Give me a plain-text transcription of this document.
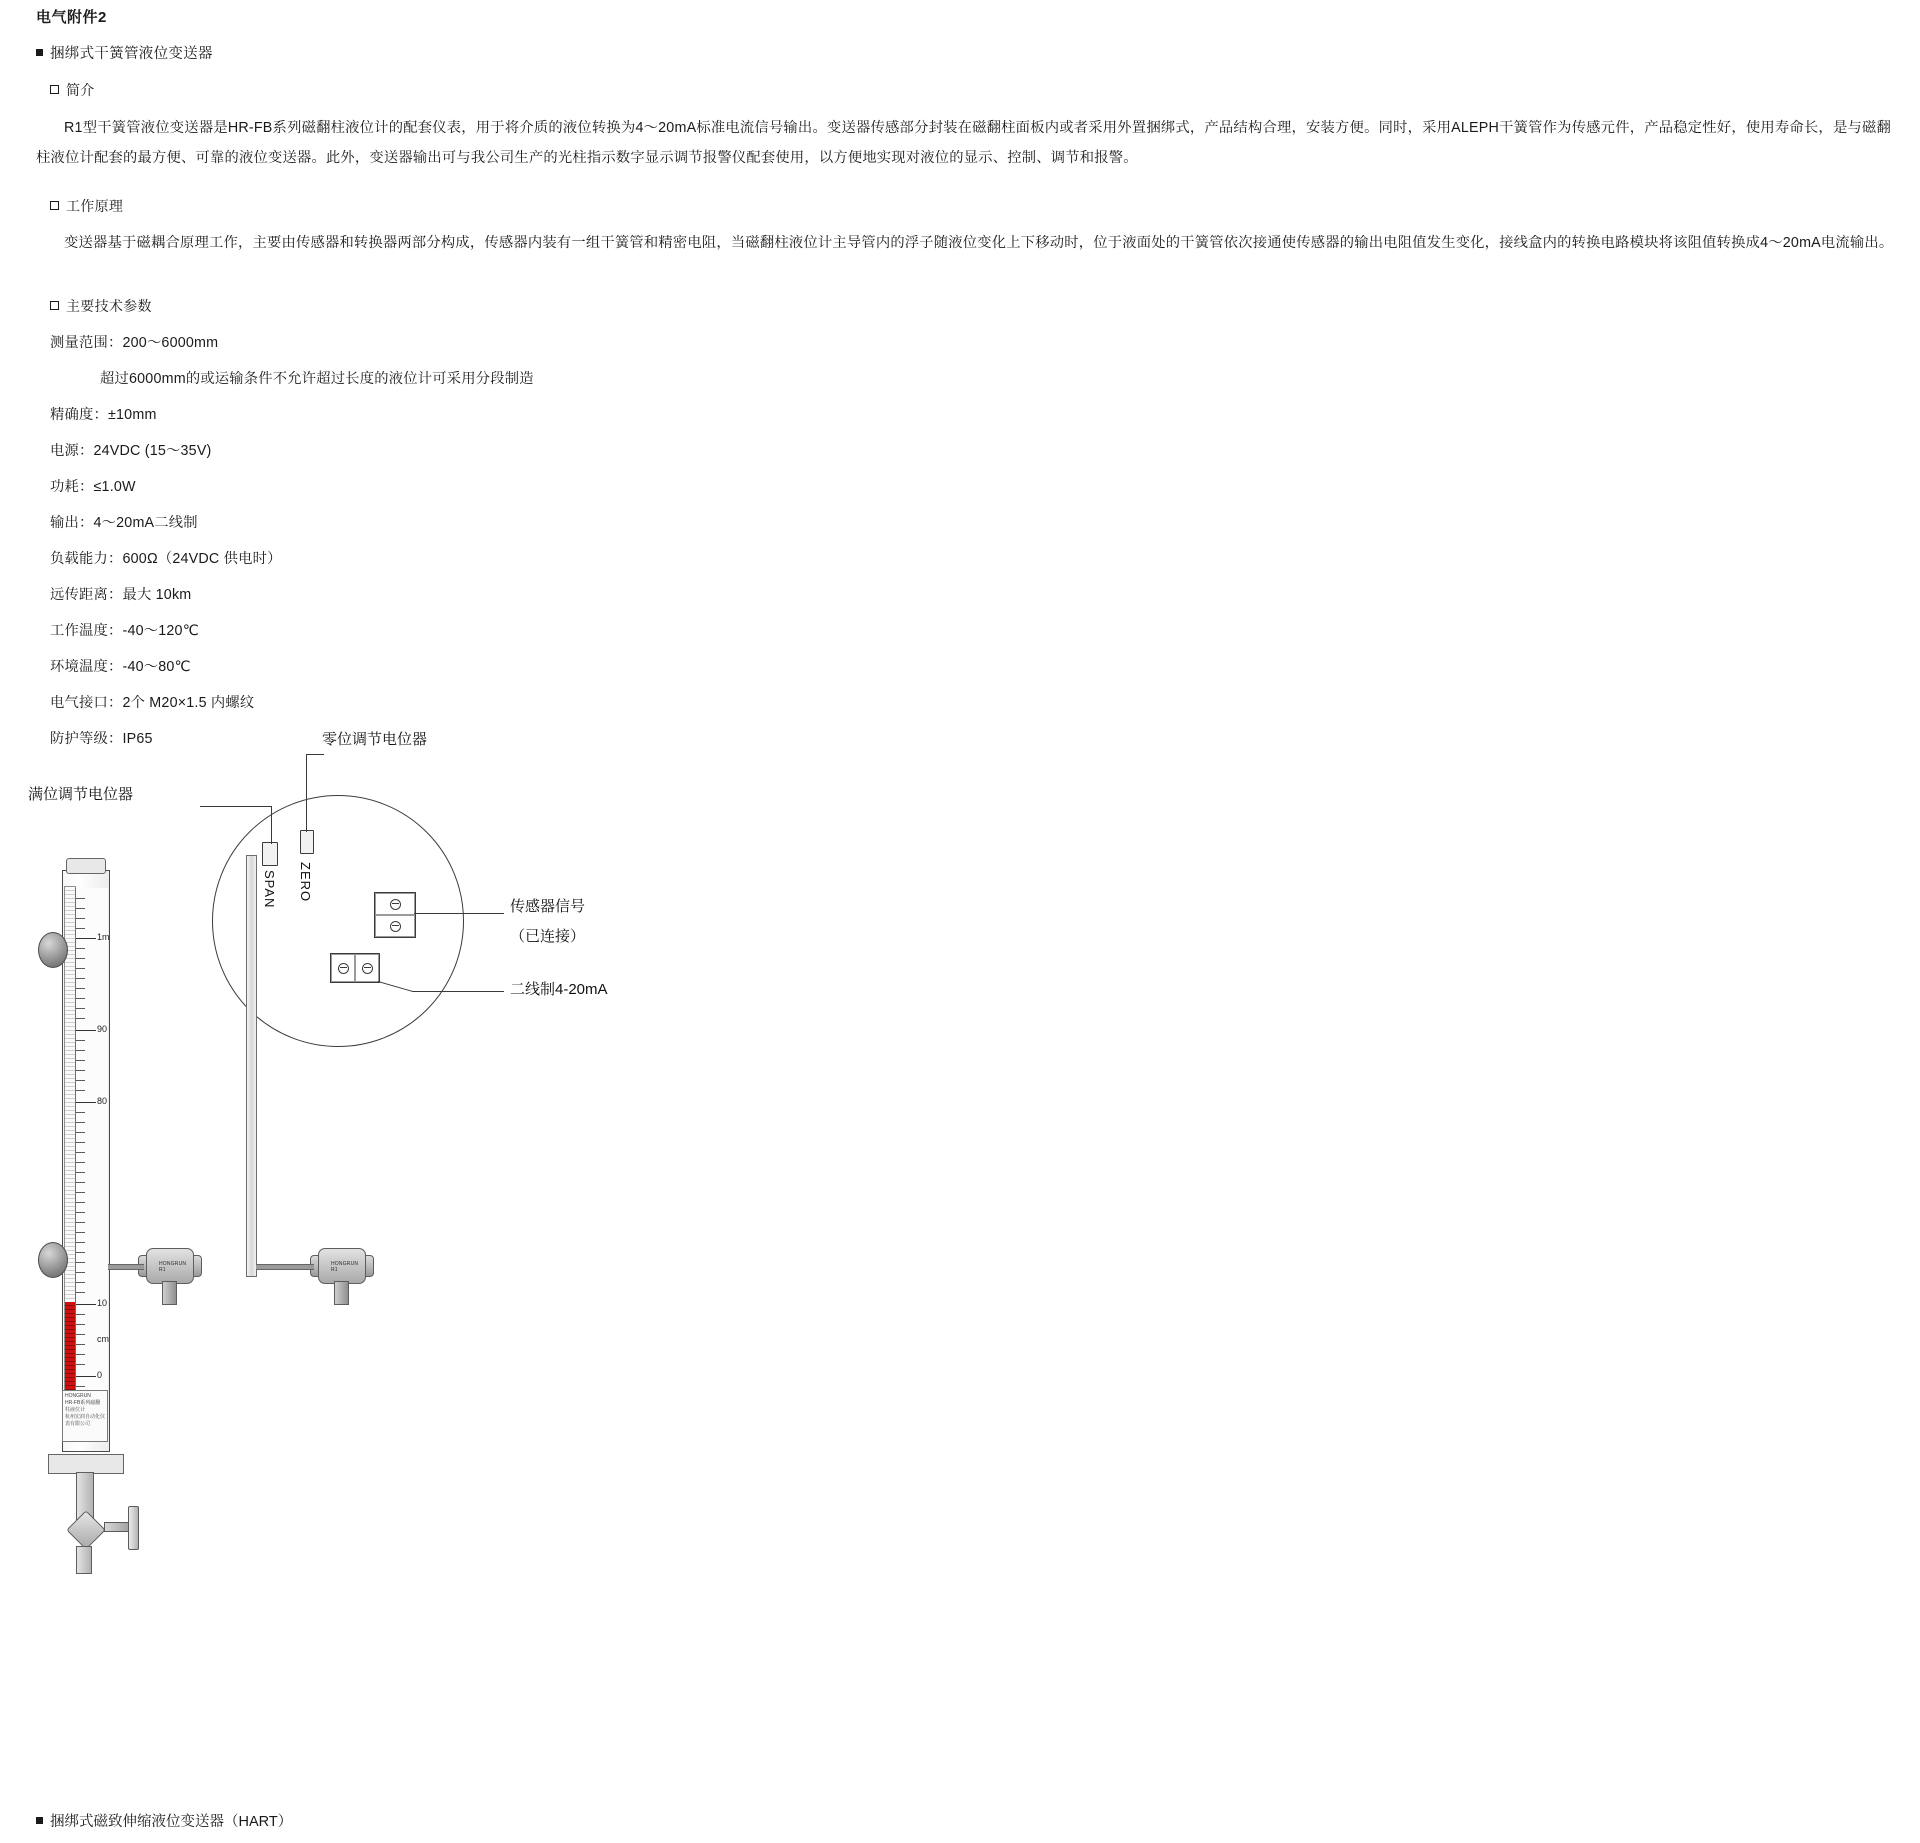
电气附件2
捆绑式干簧管液位变送器
简介
R1型干簧管液位变送器是HR-FB系列磁翻柱液位计的配套仪表，用于将介质的液位转换为4～20mA标准电流信号输出。变送器传感部分封装在磁翻柱面板内或者采用外置捆绑式，产品结构合理，安装方便。同时，采用ALEPH干簧管作为传感元件，产品稳定性好，使用寿命长，是与磁翻柱液位计配套的最方便、可靠的液位变送器。此外，变送器输出可与我公司生产的光柱指示数字显示调节报警仪配套使用，以方便地实现对液位的显示、控制、调节和报警。
工作原理
变送器基于磁耦合原理工作，主要由传感器和转换器两部分构成，传感器内装有一组干簧管和精密电阻，当磁翻柱液位计主导管内的浮子随液位变化上下移动时，位于液面处的干簧管依次接通使传感器的输出电阻值发生变化，接线盒内的转换电路模块将该阻值转换成4～20mA电流输出。
主要技术参数
测量范围：200～6000mm
超过6000mm的或运输条件不允许超过长度的液位计可采用分段制造
精确度：±10mm
电源：24VDC (15～35V)
功耗：≤1.0W
输出：4～20mA二线制
负载能力：600Ω（24VDC 供电时）
远传距离：最大 10km
工作温度：-40～120℃
环境温度：-40～80℃
电气接口：2个 M20×1.5 内螺纹
防护等级：IP65
SPAN ZERO
零位调节电位器
满位调节电位器
传感器信号
（已连接）
二线制4-20mA
1m
90
80
10
cm
0
HONGRUN
HR-FB系列磁翻柱液位计
杭州宏润自动化仪表有限公司
HONGRUN R1
HONGRUN R1
捆绑式磁致伸缩液位变送器（HART）
